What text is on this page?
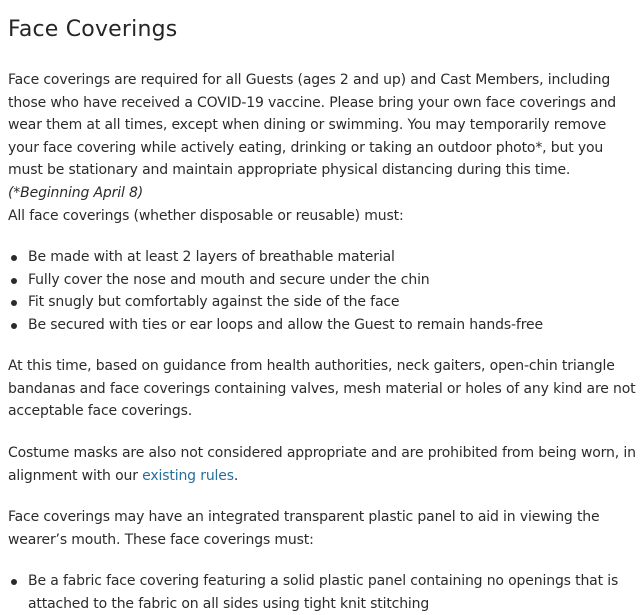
Face Coverings

Face coverings are required for all Guests (ages 2 and up) and Cast Members, including those who have received a COVID-19 vaccine. Please bring your own face coverings and wear them at all times, except when dining or swimming. You may temporarily remove your face covering while actively eating, drinking or taking an outdoor photo*, but you must be stationary and maintain appropriate physical distancing during this time. (*Beginning April 8)

All face coverings (whether disposable or reusable) must:

Be made with at least 2 layers of breathable material
Fully cover the nose and mouth and secure under the chin
Fit snugly but comfortably against the side of the face
Be secured with ties or ear loops and allow the Guest to remain hands-free

At this time, based on guidance from health authorities, neck gaiters, open-chin triangle bandanas and face coverings containing valves, mesh material or holes of any kind are not acceptable face coverings.

Costume masks are also not considered appropriate and are prohibited from being worn, in alignment with our existing rules.

Face coverings may have an integrated transparent plastic panel to aid in viewing the wearer’s mouth. These face coverings must:

Be a fabric face covering featuring a solid plastic panel containing no openings that is attached to the fabric on all sides using tight knit stitching
